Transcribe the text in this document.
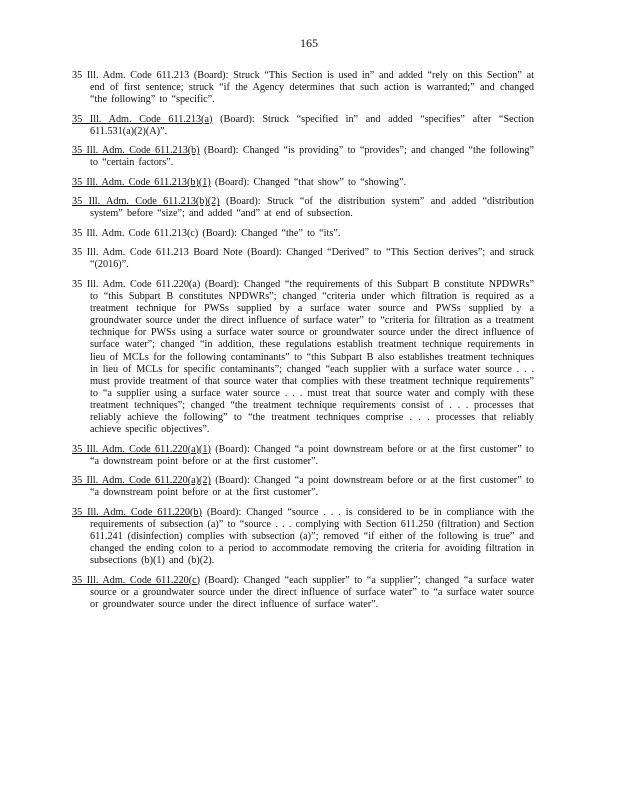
165

35 Ill. Adm. Code 611.213 (Board): Struck “This Section is used in” and added “rely on this Section” at end of first sentence; struck “if the Agency determines that such action is warranted;” and changed “the following” to “specific”.

35 Ill. Adm. Code 611.213(a) (Board): Struck “specified in” and added “specifies” after “Section 611.531(a)(2)(A)”.

35 Ill. Adm. Code 611.213(b) (Board): Changed “is providing” to “provides”; and changed “the following” to “certain factors”.

35 Ill. Adm. Code 611.213(b)(1) (Board): Changed “that show” to “showing”.

35 Ill. Adm. Code 611.213(b)(2) (Board): Struck “of the distribution system” and added “distribution system” before “size”; and added “and” at end of subsection.

35 Ill. Adm. Code 611.213(c) (Board): Changed “the” to “its”.

35 Ill. Adm. Code 611.213 Board Note (Board): Changed “Derived” to “This Section derives”; and struck “(2016)”.

35 Ill. Adm. Code 611.220(a) (Board): Changed “the requirements of this Subpart B constitute NPDWRs” to “this Subpart B constitutes NPDWRs”; changed “criteria under which filtration is required as a treatment technique for PWSs supplied by a surface water source and PWSs supplied by a groundwater source under the direct influence of surface water” to “criteria for filtration as a treatment technique for PWSs using a surface water source or groundwater source under the direct influence of surface water”; changed “in addition, these regulations establish treatment technique requirements in lieu of MCLs for the following contaminants” to “this Subpart B also establishes treatment techniques in lieu of MCLs for specific contaminants”; changed “each supplier with a surface water source . . . must provide treatment of that source water that complies with these treatment technique requirements” to “a supplier using a surface water source . . . must treat that source water and comply with these treatment techniques”; changed “the treatment technique requirements consist of . . . processes that reliably achieve the following” to “the treatment techniques comprise . . . processes that reliably achieve specific objectives”.

35 Ill. Adm. Code 611.220(a)(1) (Board): Changed “a point downstream before or at the first customer” to “a downstream point before or at the first customer”.

35 Ill. Adm. Code 611.220(a)(2) (Board): Changed “a point downstream before or at the first customer” to “a downstream point before or at the first customer”.

35 Ill. Adm. Code 611.220(b) (Board): Changed “source . . . is considered to be in compliance with the requirements of subsection (a)” to “source . . . complying with Section 611.250 (filtration) and Section 611.241 (disinfection) complies with subsection (a)”; removed “if either of the following is true” and changed the ending colon to a period to accommodate removing the criteria for avoiding filtration in subsections (b)(1) and (b)(2).

35 Ill. Adm. Code 611.220(c) (Board): Changed “each supplier” to “a supplier”; changed “a surface water source or a groundwater source under the direct influence of surface water” to “a surface water source or groundwater source under the direct influence of surface water”.
